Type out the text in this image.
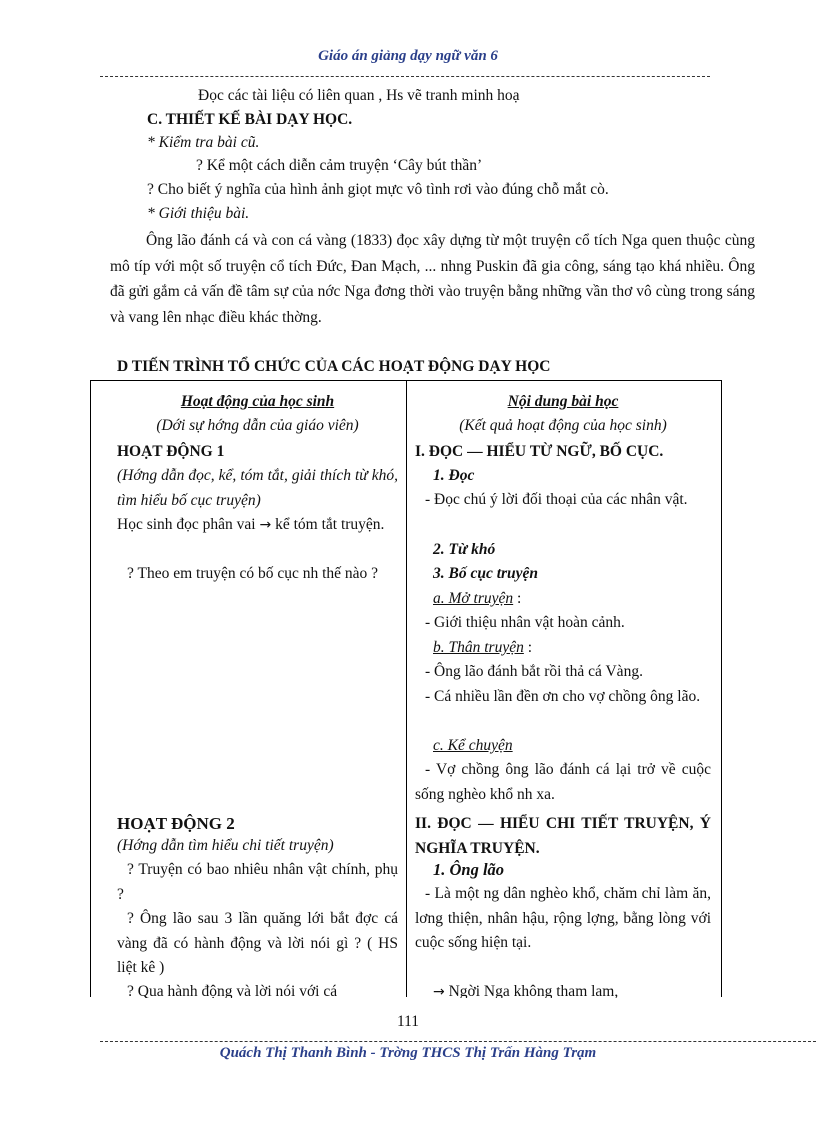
Giáo án giảng dạy ngữ văn 6
Đọc các tài liệu có liên quan , Hs vẽ tranh minh hoạ
C. THIẾT KẾ BÀI DẠY HỌC.
* Kiểm tra bài cũ.
? Kể một cách diễn cảm truyện ‘Cây bút thần’
? Cho biết ý nghĩa của hình ảnh giọt mực vô tình rơi vào đúng chỗ mắt cò.
* Giới thiệu bài.
Ông lão đánh cá và con cá vàng (1833) đọc xây dựng từ một truyện cổ tích Nga quen thuộc cùng mô típ với một số truyện cổ tích Đức, Đan Mạch, ... nhng Puskin đã gia công, sáng tạo khá nhiều. Ông đã gửi gắm cả vấn đề tâm sự của nớc Nga đơng thời vào truyện bằng những vần thơ vô cùng trong sáng và vang lên nhạc điều khác thờng.
D TIẾN TRÌNH TỔ CHỨC CỦA CÁC HOẠT ĐỘNG DẠY HỌC
Hoạt động của học sinh
(Dới sự hớng dẫn của giáo viên)
HOẠT ĐỘNG 1
(Hớng dẫn đọc, kể, tóm tắt, giải thích từ khó, tìm hiểu bố cục truyện)
Học sinh đọc phân vai → kể tóm tắt truyện.
? Theo em truyện có bố cục nh thế nào ?
HOẠT ĐỘNG 2
(Hớng dẫn tìm hiểu chi tiết truyện)
? Truyện có bao nhiêu nhân vật chính, phụ ?
? Ông lão sau 3 lần quăng lới bắt đợc cá vàng đã có hành động và lời nói gì ? ( HS liệt kê )
? Qua hành động và lời nói với cá
Nội dung bài học
(Kết quả hoạt động của học sinh)
I. ĐỌC — HIỂU TỪ NGỮ, BỐ CỤC.
1. Đọc
- Đọc chú ý lời đối thoại của các nhân vật.
2. Từ khó
3. Bố cục truyện
a. Mở truyện :
- Giới thiệu nhân vật hoàn cảnh.
b. Thân truyện :
- Ông lão đánh bắt rồi thả cá Vàng.
- Cá nhiều lần đền ơn cho vợ chồng ông lão.
c. Kể chuyện
- Vợ chồng ông lão đánh cá lại trở về cuộc sống nghèo khổ nh xa.
II. ĐỌC — HIỂU CHI TIẾT TRUYỆN, Ý NGHĨA TRUYỆN.
1. Ông lão
- Là một ng dân nghèo khổ, chăm chỉ làm ăn, lơng thiện, nhân hậu, rộng lợng, bằng lòng với cuộc sống hiện tại.
→ Ngời Nga không tham lam,
111
Quách Thị Thanh Bình - Trờng THCS Thị Trấn Hàng Trạm
